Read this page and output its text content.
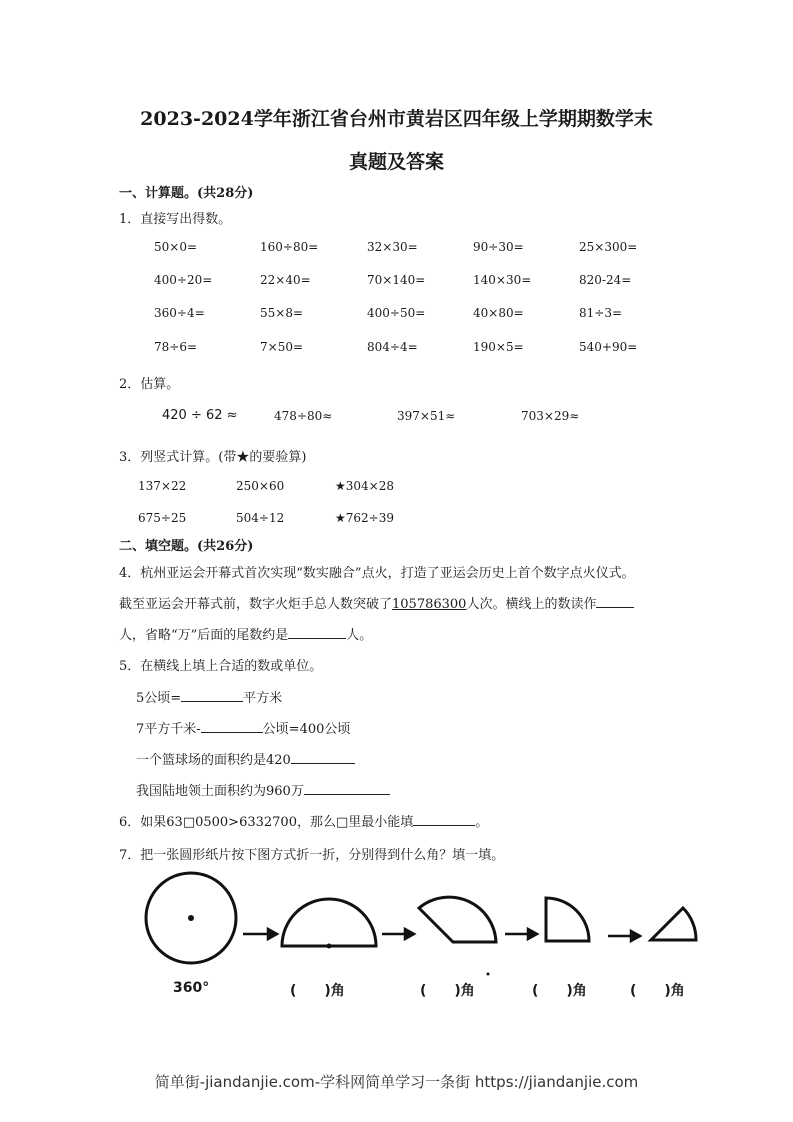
2023-2024学年浙江省台州市黄岩区四年级上学期期数学末
真题及答案
一、计算题。(共28分)
1．直接写出得数。
50×0=	160÷80=	32×30=	90÷30=	25×300=
400÷20=	22×40=	70×140=	140×30=	820-24=
360÷4=	55×8=	400÷50=	40×80=	81÷3=
78÷6=	7×50=	804÷4=	190×5=	540+90=
2．估算。
420 ÷ 62 ≈	478÷80≈	397×51≈	703×29≈
3．列竖式计算。(带★的要验算)
137×22	250×60	★304×28
675÷25	504÷12	★762÷39
二、填空题。(共26分)
4．杭州亚运会开幕式首次实现“数实融合”点火，打造了亚运会历史上首个数字点火仪式。
截至亚运会开幕式前，数字火炬手总人数突破了105786300人次。横线上的数读作
人，省略“万”后面的尾数约是	人。
5．在横线上填上合适的数或单位。
5公顷=	平方米
7平方千米-	公顷=400公顷
一个篮球场的面积约是420
我国陆地领土面积约为960万
6．如果63□0500>6332700，那么□里最小能填	。
7．把一张圆形纸片按下图方式折一折，分别得到什么角？填一填。
360°	(　　)角	(　　)角	(　　)角	(　　)角
简单街-jiandanjie.com-学科网简单学习一条街 https://jiandanjie.com
